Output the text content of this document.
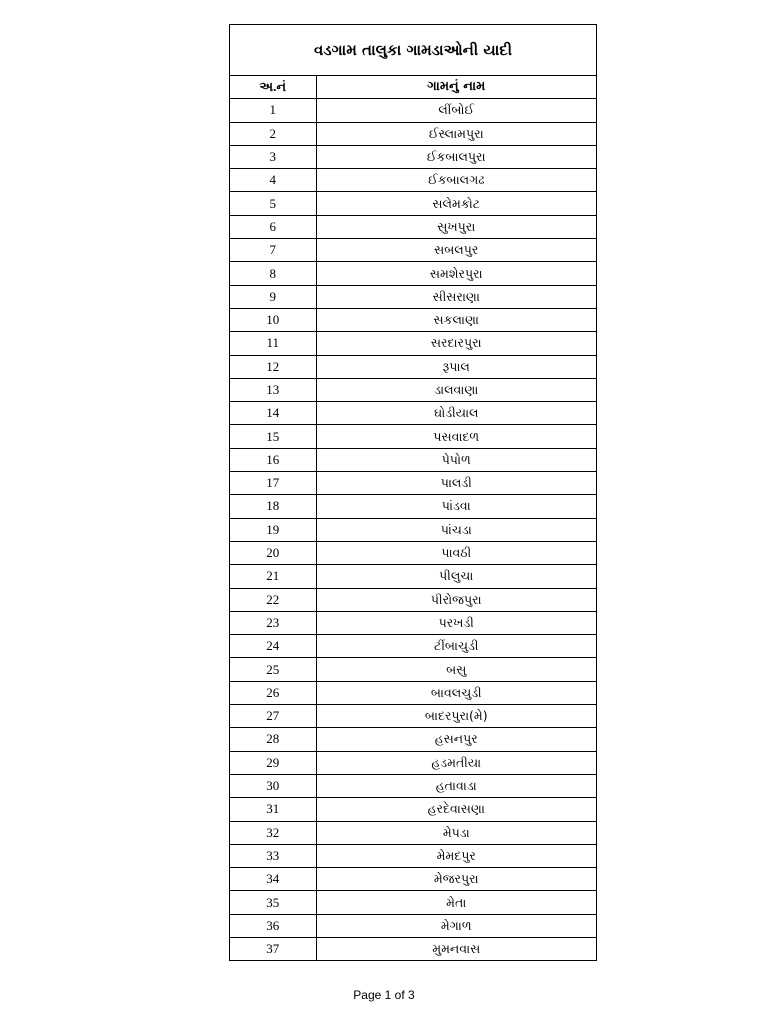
વડગામ તાલુકા ગામડાઓની યાદી
અ.નં	ગામનું નામ
1	લીંબોઈ
2	ઈસ્લામપુરા
3	ઈકબાલપુરા
4	ઈકબાલગઢ
5	સલેમકોટ
6	સુખપુરા
7	સબલપુર
8	સમશેરપુરા
9	સીસરાણા
10	સકલાણા
11	સરદારપુરા
12	રૂપાલ
13	ડાલવાણા
14	ઘોડીયાલ
15	પસવાદળ
16	પેપોળ
17	પાલડી
18	પાંડવા
19	પાંચડા
20	પાવઠી
21	પીલુચા
22	પીરોજપુરા
23	પરખડી
24	ટીંબાચુડી
25	બસુ
26	બાવલચુડી
27	બાદરપુરા(મે)
28	હસનપુર
29	હડમતીયા
30	હતાવાડા
31	હરદેવાસણા
32	મેપડા
33	મેમદપુર
34	મેજરપુરા
35	મેતા
36	મેગાળ
37	મુમનવાસ
Page 1 of 3
